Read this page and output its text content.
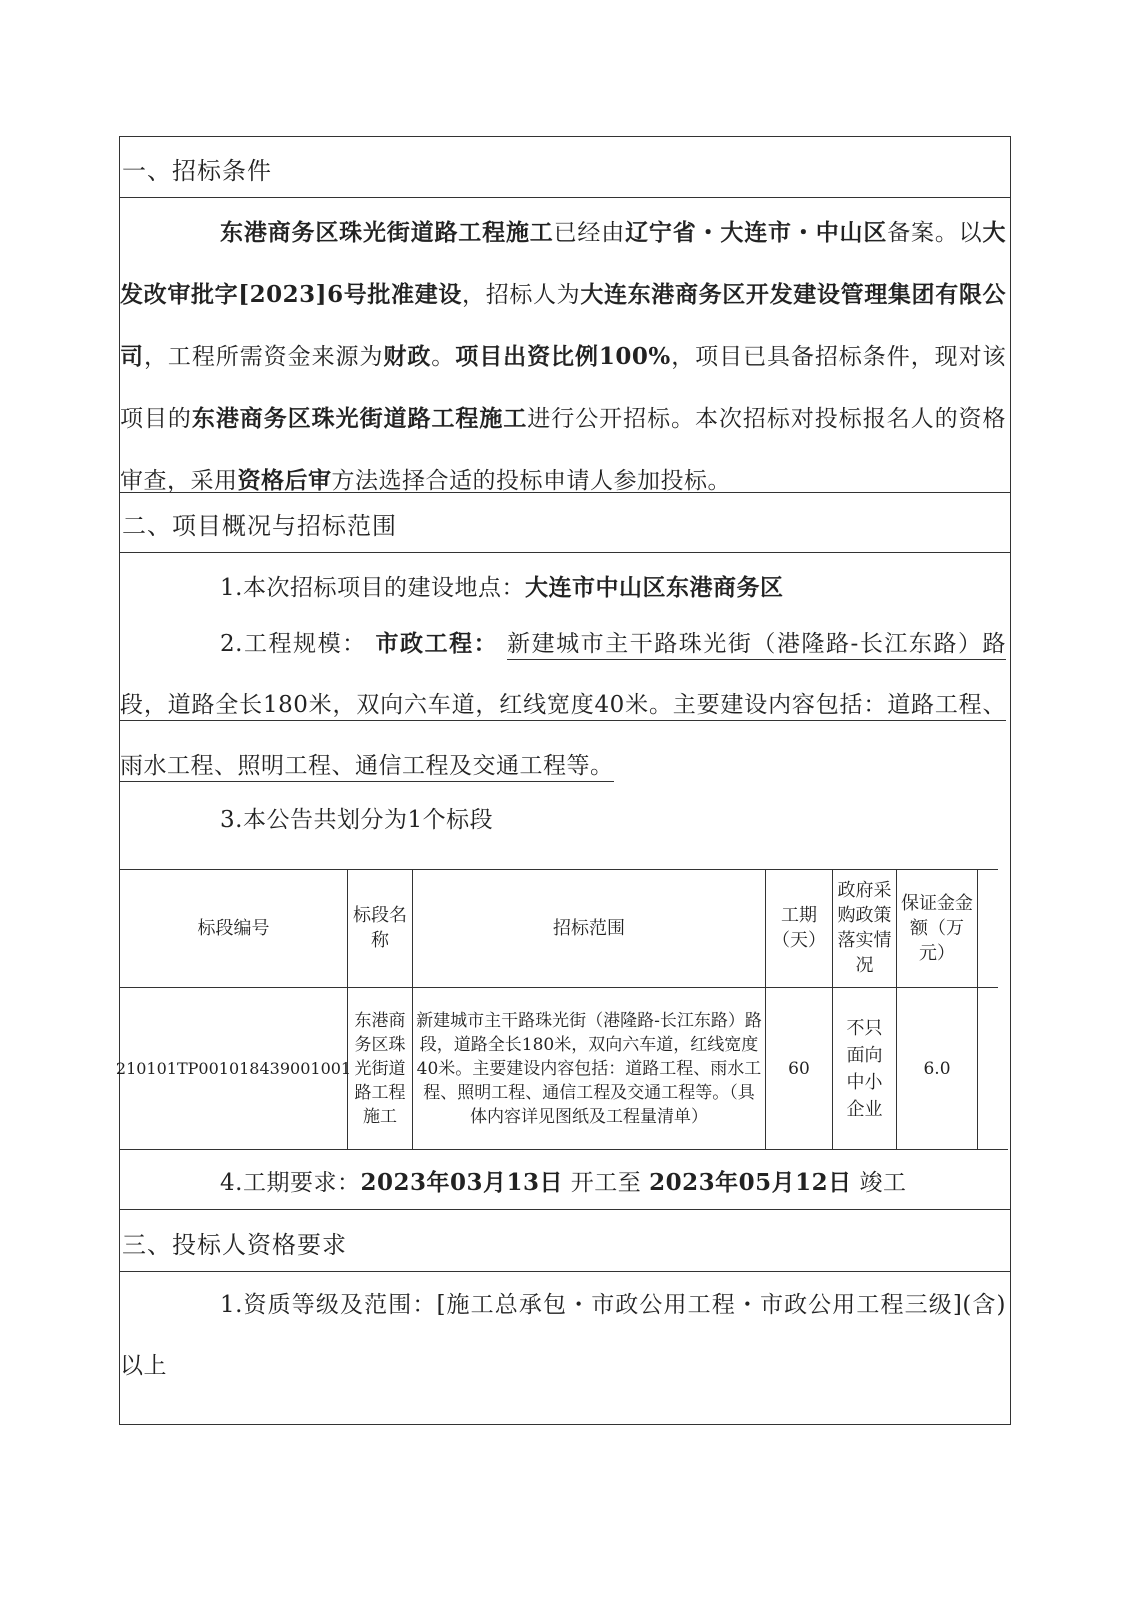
一、招标条件
东港商务区珠光街道路工程施工已经由辽宁省・大连市・中山区备案。以大发改审批字[2023]6号批准建设，招标人为大连东港商务区开发建设管理集团有限公司，工程所需资金来源为财政。项目出资比例100%，项目已具备招标条件，现对该项目的东港商务区珠光街道路工程施工进行公开招标。本次招标对投标报名人的资格审查，采用资格后审方法选择合适的投标申请人参加投标。
二、项目概况与招标范围
1.本次招标项目的建设地点：大连市中山区东港商务区
2.工程规模： 市政工程： 新建城市主干路珠光街（港隆路-长江东路）路段，道路全长180米，双向六车道，红线宽度40米。主要建设内容包括：道路工程、雨水工程、照明工程、通信工程及交通工程等。
3.本公告共划分为1个标段
标段编号
标段名称
招标范围
工期（天）
政府采购政策落实情况
保证金金额（万元）
210101TP001018439001001
东港商务区珠光街道路工程施工
新建城市主干路珠光街（港隆路-长江东路）路段，道路全长180米，双向六车道，红线宽度40米。主要建设内容包括：道路工程、雨水工程、照明工程、通信工程及交通工程等。（具体内容详见图纸及工程量清单）
60
不只面向中小企业
6.0
4.工期要求：2023年03月13日 开工至 2023年05月12日 竣工
三、投标人资格要求
1.资质等级及范围：[施工总承包・市政公用工程・市政公用工程三级](含)以上
